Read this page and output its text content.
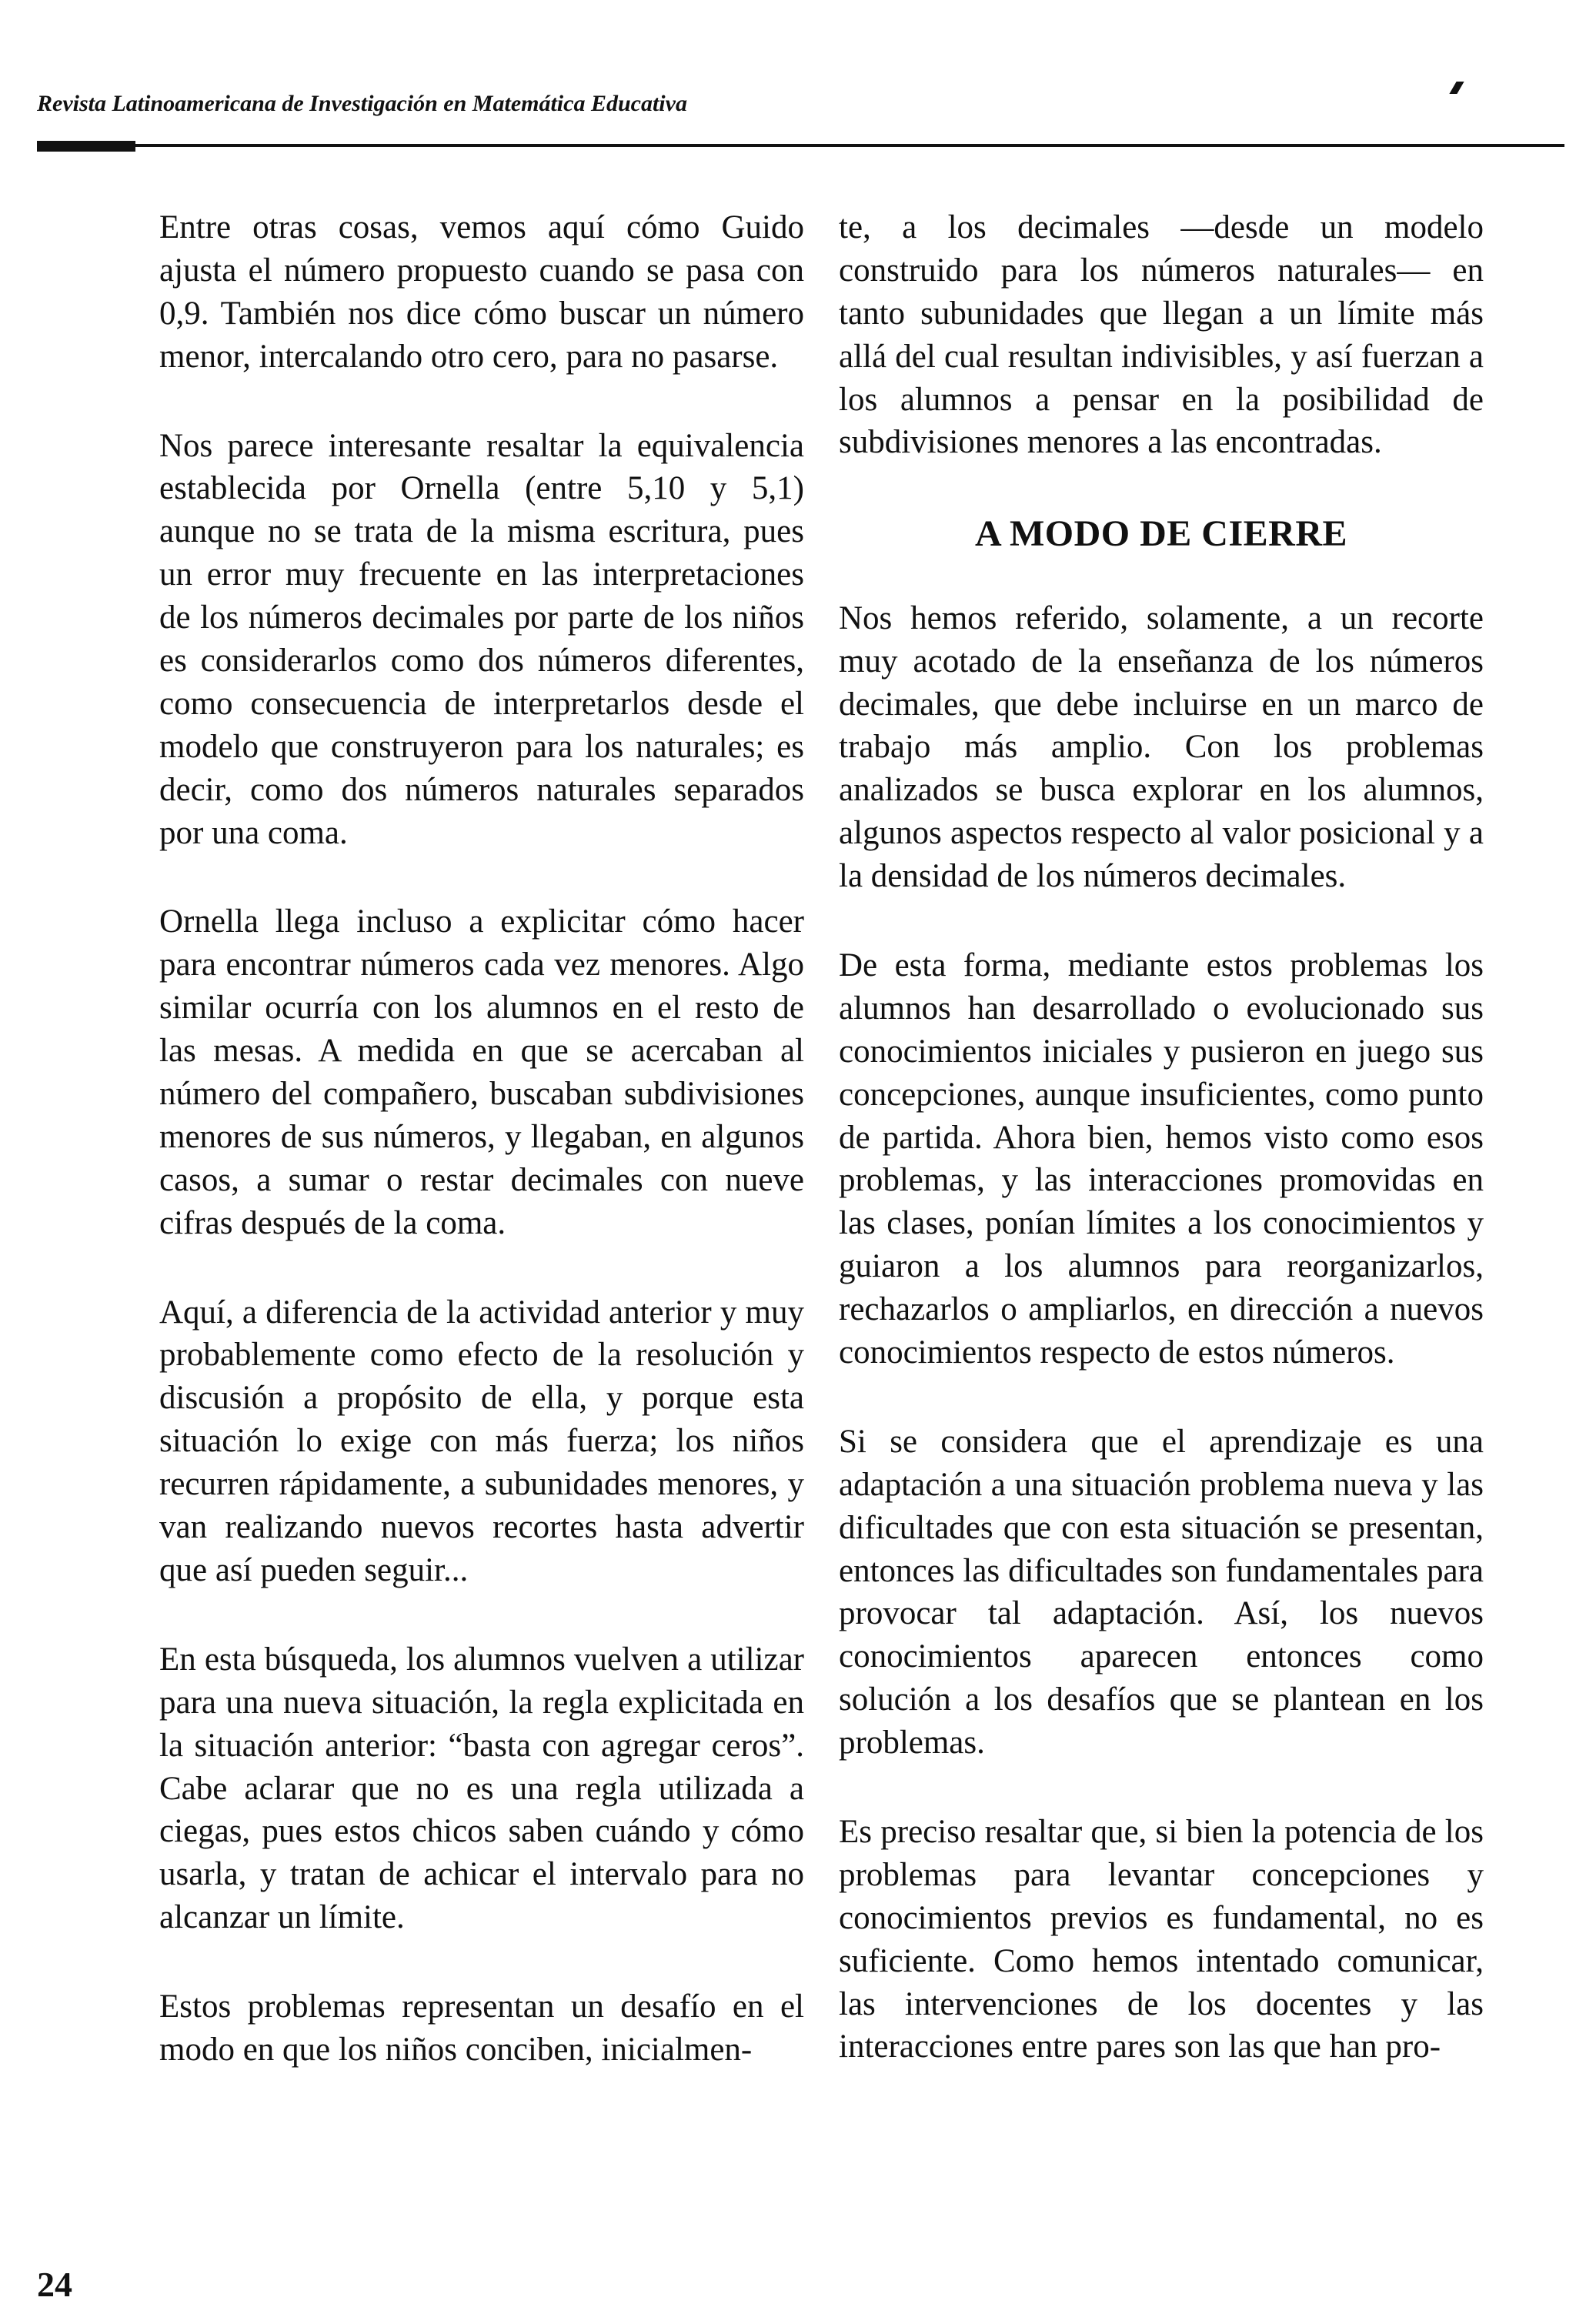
Revista Latinoamericana de Investigación en Matemática Educativa

Entre otras cosas, vemos aquí cómo Guido ajusta el número propuesto cuando se pasa con 0,9. También nos dice cómo buscar un número menor, intercalando otro cero, para no pasarse.

Nos parece interesante resaltar la equivalencia establecida por Ornella (entre 5,10 y 5,1) aunque no se trata de la misma escritura, pues un error muy frecuente en las interpretaciones de los números decimales por parte de los niños es considerarlos como dos números diferentes, como consecuencia de interpretarlos desde el modelo que construyeron para los naturales; es decir, como dos números naturales separados por una coma.

Ornella llega incluso a explicitar cómo hacer para encontrar números cada vez menores. Algo similar ocurría con los alumnos en el resto de las mesas. A medida en que se acercaban al número del compañero, buscaban subdivisiones menores de sus números, y llegaban, en algunos casos, a sumar o restar decimales con nueve cifras después de la coma.

Aquí, a diferencia de la actividad anterior y muy probablemente como efecto de la resolución y discusión a propósito de ella, y porque esta situación lo exige con más fuerza; los niños recurren rápidamente, a subunidades menores, y van realizando nuevos recortes hasta advertir que así pueden seguir...

En esta búsqueda, los alumnos vuelven a utilizar para una nueva situación, la regla explicitada en la situación anterior: “basta con agregar ceros”. Cabe aclarar que no es una regla utilizada a ciegas, pues estos chicos saben cuándo y cómo usarla, y tratan de achicar el intervalo para no alcanzar un límite.

Estos problemas representan un desafío en el modo en que los niños conciben, inicialmen-

te, a los decimales —desde un modelo construido para los números naturales— en tanto subunidades que llegan a un límite más allá del cual resultan indivisibles, y así fuerzan a los alumnos a pensar en la posibilidad de subdivisiones menores a las encontradas.

A MODO DE CIERRE

Nos hemos referido, solamente, a un recorte muy acotado de la enseñanza de los números decimales, que debe incluirse en un marco de trabajo más amplio. Con los problemas analizados se busca explorar en los alumnos, algunos aspectos respecto al valor posicional y a la densidad de los números decimales.

De esta forma, mediante estos problemas los alumnos han desarrollado o evolucionado sus conocimientos iniciales y pusieron en juego sus concepciones, aunque insuficientes, como punto de partida. Ahora bien, hemos visto como esos problemas, y las interacciones promovidas en las clases, ponían límites a los conocimientos y guiaron a los alumnos para reorganizarlos, rechazarlos o ampliarlos, en dirección a nuevos conocimientos respecto de estos números.

Si se considera que el aprendizaje es una adaptación a una situación problema nueva y las dificultades que con esta situación se presentan, entonces las dificultades son fundamentales para provocar tal adaptación. Así, los nuevos conocimientos aparecen entonces como solución a los desafíos que se plantean en los problemas.

Es preciso resaltar que, si bien la potencia de los problemas para levantar concepciones y conocimientos previos es fundamental, no es suficiente. Como hemos intentado comunicar, las intervenciones de los docentes y las interacciones entre pares son las que han pro-

24
